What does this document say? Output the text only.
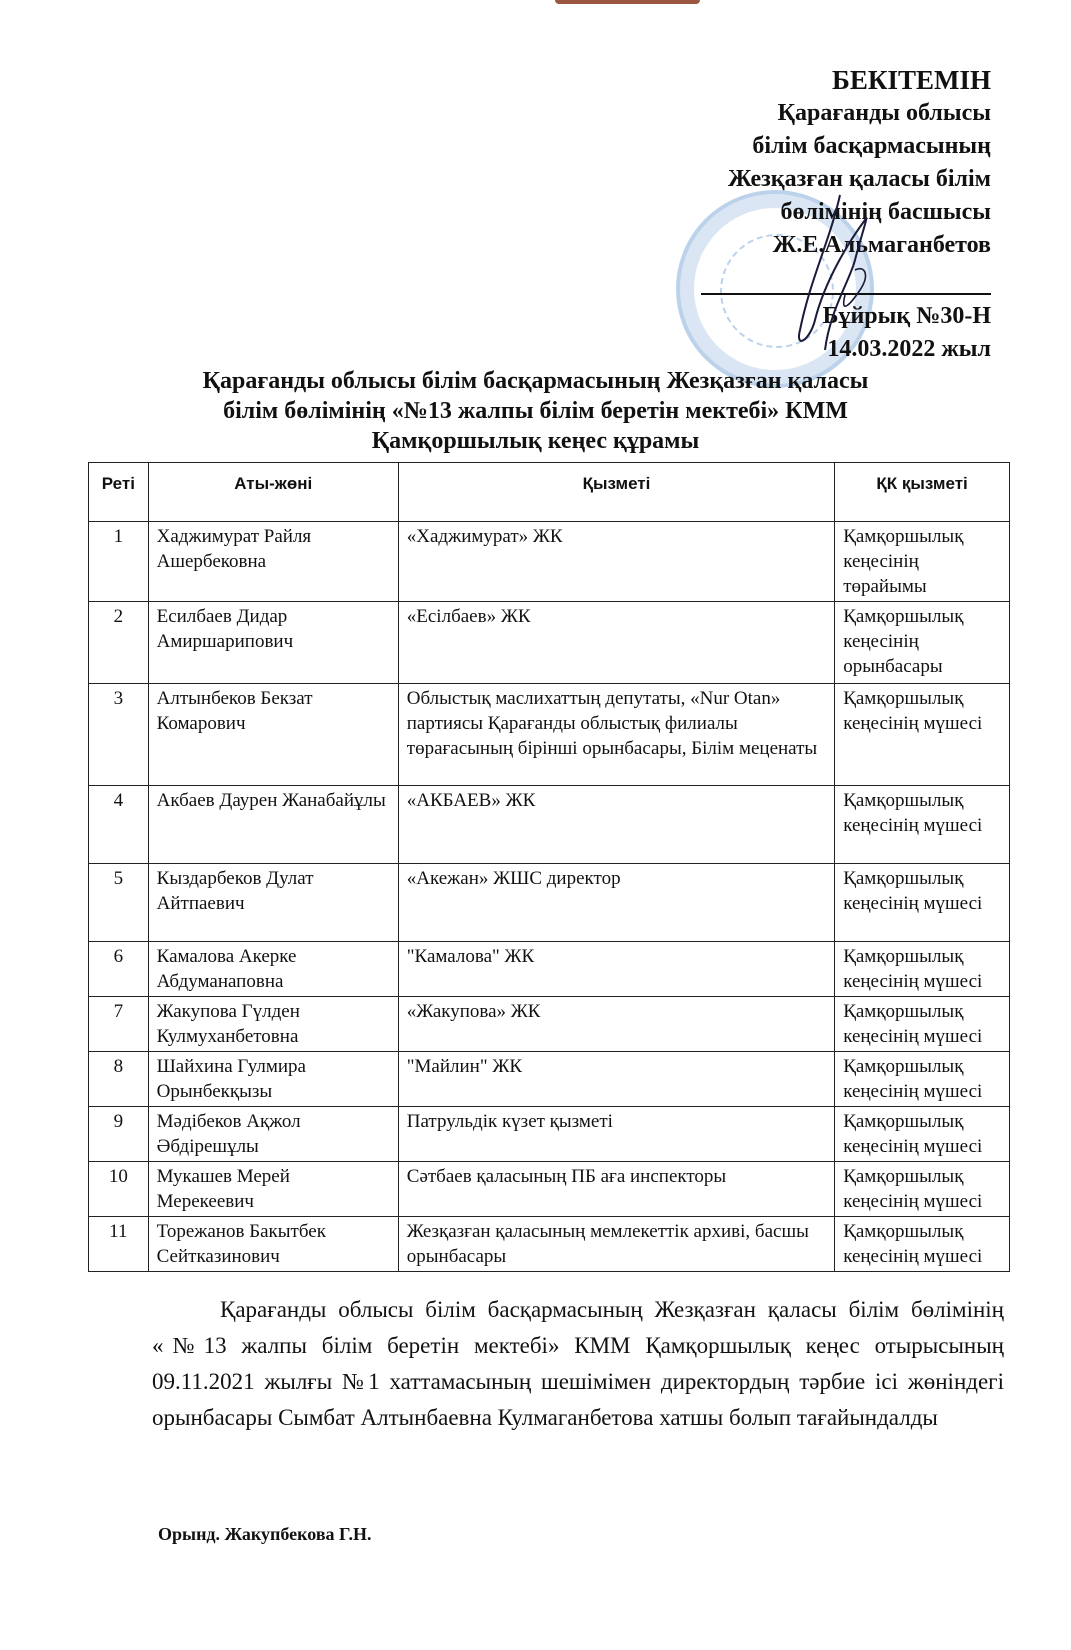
БЕКІТЕМІН
Қарағанды облысы
білім басқармасының
Жезқазған қаласы білім
бөлімінің басшысы
Ж.Е.Альмаганбетов
Бұйрық №30-Н
14.03.2022 жыл
Қарағанды облысы білім басқармасының Жезқазған қаласы
білім бөлімінің «№13 жалпы білім беретін мектебі» КММ
Қамқоршылық кеңес құрамы
Реті	Аты-жөні	Қызметі	ҚК қызметі
1	Хаджимурат Райля Ашербековна	«Хаджимурат» ЖК	Қамқоршылық кеңесінің төрайымы
2	Есилбаев Дидар Амиршарипович	«Есілбаев» ЖК	Қамқоршылық кеңесінің орынбасары
3	Алтынбеков Бекзат Комарович	Облыстық маслихаттың депутаты, «Nur Otan» партиясы Қарағанды облыстық филиалы төрағасының бірінші орынбасары, Білім меценаты	Қамқоршылық кеңесінің мүшесі
4	Акбаев Даурен Жанабайұлы	«АКБАЕВ» ЖК	Қамқоршылық кеңесінің мүшесі
5	Кыздарбеков Дулат Айтпаевич	«Акежан» ЖШС директор	Қамқоршылық кеңесінің мүшесі
6	Камалова Акерке Абдуманаповна	"Камалова" ЖК	Қамқоршылық кеңесінің мүшесі
7	Жакупова Гүлден Кулмуханбетовна	«Жакупова» ЖК	Қамқоршылық кеңесінің мүшесі
8	Шайхина Гулмира Орынбекқызы	"Майлин" ЖК	Қамқоршылық кеңесінің мүшесі
9	Мәдібеков Ақжол Әбдірешұлы	Патрульдік күзет қызметі	Қамқоршылық кеңесінің мүшесі
10	Мукашев Мерей Мерекеевич	Сәтбаев қаласының ПБ аға инспекторы	Қамқоршылық кеңесінің мүшесі
11	Торежанов Бакытбек Сейтказинович	Жезқазған қаласының мемлекеттік архиві, басшы орынбасары	Қамқоршылық кеңесінің мүшесі
Қарағанды облысы білім басқармасының Жезқазған қаласы білім бөлімінің «№13 жалпы білім беретін мектебі» КММ Қамқоршылық кеңес отырысының 09.11.2021 жылғы №1 хаттамасының шешімімен директордың тәрбие ісі жөніндегі орынбасары Сымбат Алтынбаевна Кулмаганбетова хатшы болып тағайындалды
Орынд. Жакупбекова Г.Н.
